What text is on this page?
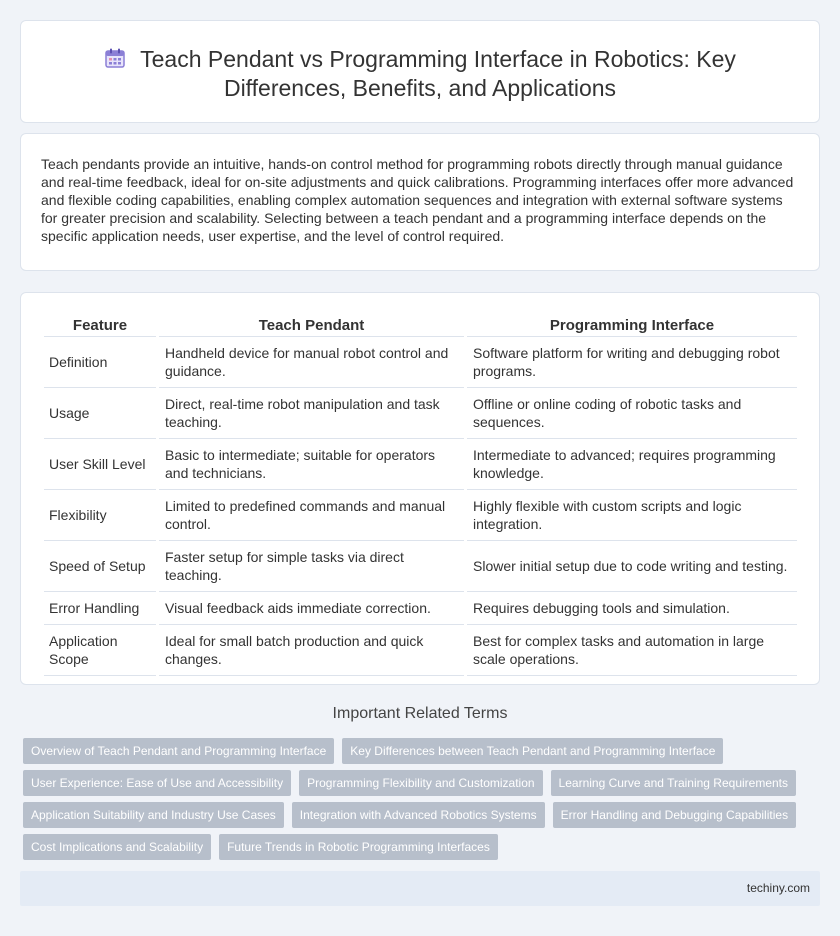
Teach Pendant vs Programming Interface in Robotics: Key
Differences, Benefits, and Applications

Teach pendants provide an intuitive, hands-on control method for programming robots directly through manual guidance and real-time feedback, ideal for on-site adjustments and quick calibrations. Programming interfaces offer more advanced and flexible coding capabilities, enabling complex automation sequences and integration with external software systems for greater precision and scalability. Selecting between a teach pendant and a programming interface depends on the specific application needs, user expertise, and the level of control required.

Feature	Teach Pendant	Programming Interface
Definition	Handheld device for manual robot control and guidance.	Software platform for writing and debugging robot programs.
Usage	Direct, real-time robot manipulation and task teaching.	Offline or online coding of robotic tasks and sequences.
User Skill Level	Basic to intermediate; suitable for operators and technicians.	Intermediate to advanced; requires programming knowledge.
Flexibility	Limited to predefined commands and manual control.	Highly flexible with custom scripts and logic integration.
Speed of Setup	Faster setup for simple tasks via direct teaching.	Slower initial setup due to code writing and testing.
Error Handling	Visual feedback aids immediate correction.	Requires debugging tools and simulation.
Application Scope	Ideal for small batch production and quick changes.	Best for complex tasks and automation in large scale operations.
Important Related Terms
Overview of Teach Pendant and Programming Interface	Key Differences between Teach Pendant and Programming Interface
User Experience: Ease of Use and Accessibility	Programming Flexibility and Customization	Learning Curve and Training Requirements
Application Suitability and Industry Use Cases	Integration with Advanced Robotics Systems	Error Handling and Debugging Capabilities
Cost Implications and Scalability	Future Trends in Robotic Programming Interfaces
techiny.com
